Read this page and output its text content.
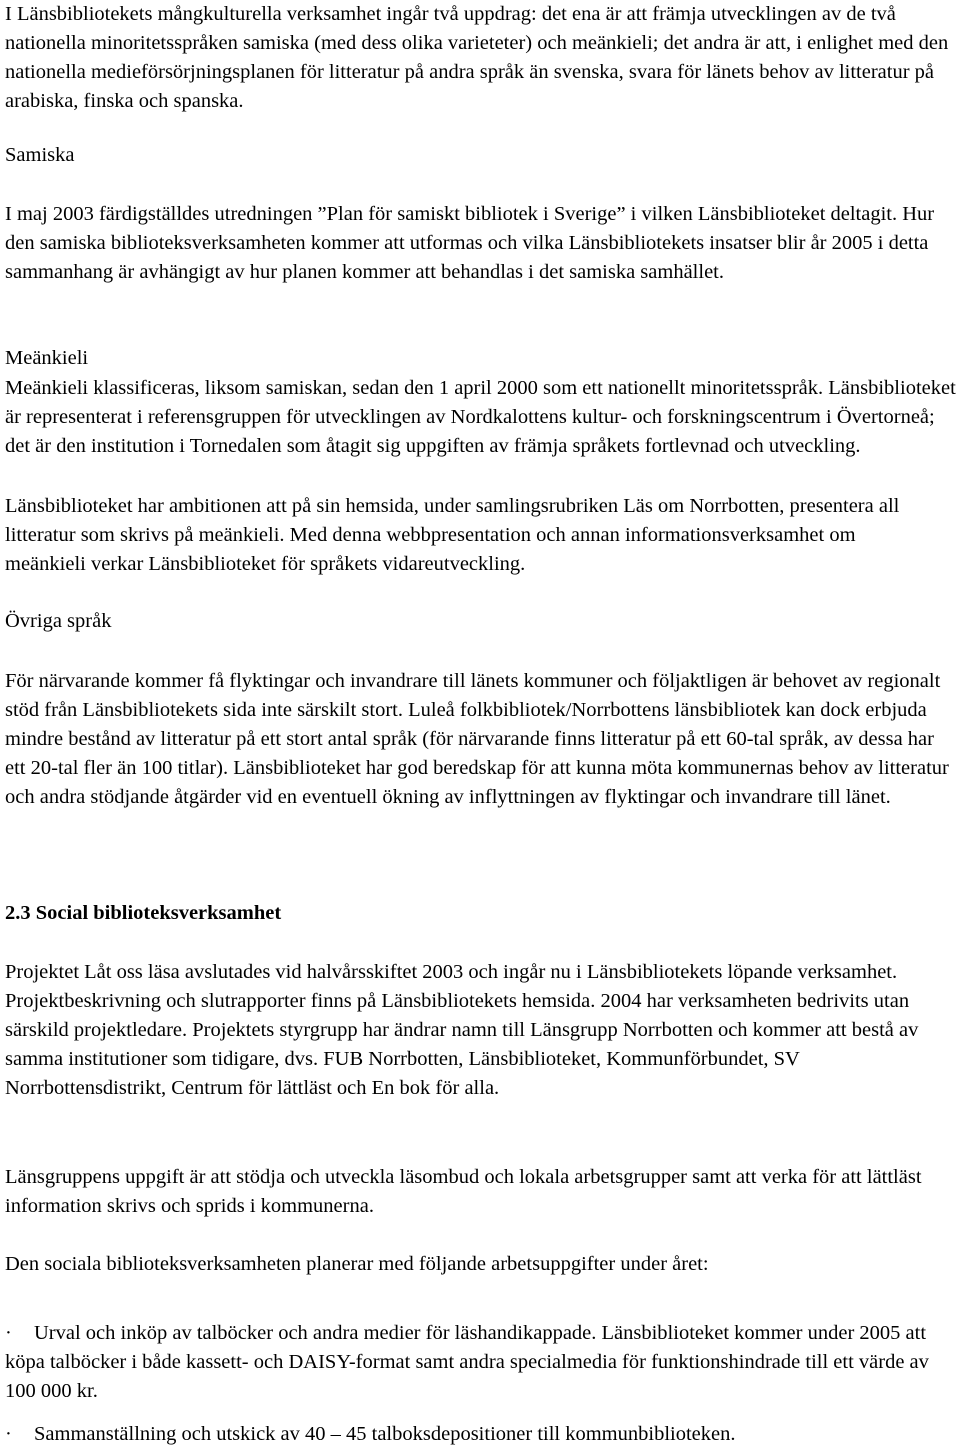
I Länsbibliotekets mångkulturella verksamhet ingår två uppdrag: det ena är att främja utvecklingen av de två nationella minoritetsspråken samiska (med dess olika varieteter) och meänkieli; det andra är att, i enlighet med den nationella medieförsörjningsplanen för litteratur på andra språk än svenska, svara för länets behov av litteratur på arabiska, finska och spanska.

Samiska

I maj 2003 färdigställdes utredningen ”Plan för samiskt bibliotek i Sverige” i vilken Länsbiblioteket deltagit. Hur den samiska biblioteksverksamheten kommer att utformas och vilka Länsbibliotekets insatser blir år 2005 i detta sammanhang är avhängigt av hur planen kommer att behandlas i det samiska samhället.

Meänkieli

Meänkieli klassificeras, liksom samiskan, sedan den 1 april 2000 som ett nationellt minoritetsspråk. Länsbiblioteket är representerat i referensgruppen för utvecklingen av Nordkalottens kultur- och forskningscentrum i Övertorneå; det är den institution i Tornedalen som åtagit sig uppgiften av främja språkets fortlevnad och utveckling.

Länsbiblioteket har ambitionen att på sin hemsida, under samlingsrubriken Läs om Norrbotten, presentera all litteratur som skrivs på meänkieli. Med denna webbpresentation och annan informationsverksamhet om meänkieli verkar Länsbiblioteket för språkets vidareutveckling.

Övriga språk

För närvarande kommer få flyktingar och invandrare till länets kommuner och följaktligen är behovet av regionalt stöd från Länsbibliotekets sida inte särskilt stort. Luleå folkbibliotek/Norrbottens länsbibliotek kan dock erbjuda mindre bestånd av litteratur på ett stort antal språk (för närvarande finns litteratur på ett 60-tal språk, av dessa har ett 20-tal fler än 100 titlar). Länsbiblioteket har god beredskap för att kunna möta kommunernas behov av litteratur och andra stödjande åtgärder vid en eventuell ökning av inflyttningen av flyktingar och invandrare till länet.

2.3 Social biblioteksverksamhet

Projektet Låt oss läsa avslutades vid halvårsskiftet 2003 och ingår nu i Länsbibliotekets löpande verksamhet. Projektbeskrivning och slutrapporter finns på Länsbibliotekets hemsida. 2004 har verksamheten bedrivits utan särskild projektledare. Projektets styrgrupp har ändrar namn till Länsgrupp Norrbotten och kommer att bestå av samma institutioner som tidigare, dvs. FUB Norrbotten, Länsbiblioteket, Kommunförbundet, SV Norrbottensdistrikt, Centrum för lättläst och En bok för alla.

Länsgruppens uppgift är att stödja och utveckla läsombud och lokala arbetsgrupper samt att verka för att lättläst information skrivs och sprids i kommunerna.

Den sociala biblioteksverksamheten planerar med följande arbetsuppgifter under året:

· Urval och inköp av talböcker och andra medier för läshandikappade. Länsbiblioteket kommer under 2005 att köpa talböcker i både kassett- och DAISY-format samt andra specialmedia för funktionshindrade till ett värde av 100 000 kr.

· Sammanställning och utskick av 40 – 45 talboksdepositioner till kommunbiblioteken.
